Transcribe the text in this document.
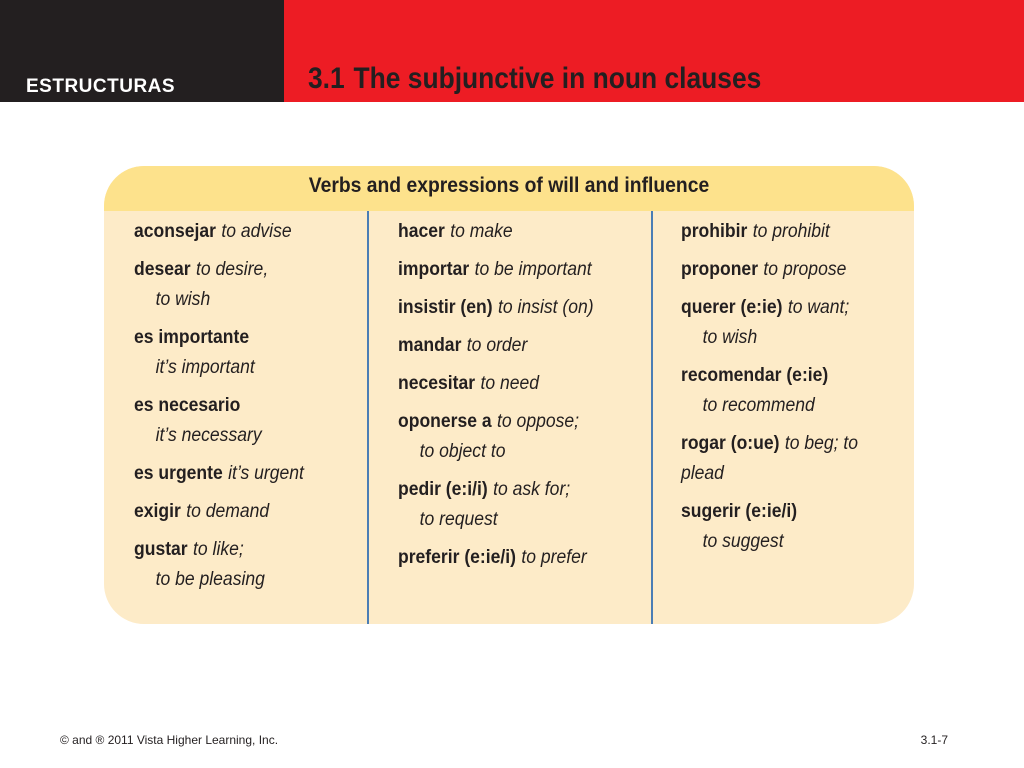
ESTRUCTURAS	3.1 The subjunctive in noun clauses
Verbs and expressions of will and influence
aconsejar to advise
desear to desire,
to wish
es importante
it’s important
es necesario
it’s necessary
es urgente it’s urgent
exigir to demand
gustar to like;
to be pleasing
hacer to make
importar to be important
insistir (en) to insist (on)
mandar to order
necesitar to need
oponerse a to oppose;
to object to
pedir (e:i/i) to ask for;
to request
preferir (e:ie/i) to prefer
prohibir to prohibit
proponer to propose
querer (e:ie) to want;
to wish
recomendar (e:ie)
to recommend
rogar (o:ue) to beg; to
plead
sugerir (e:ie/i)
to suggest
© and ® 2011 Vista Higher Learning, Inc.	3.1-7
